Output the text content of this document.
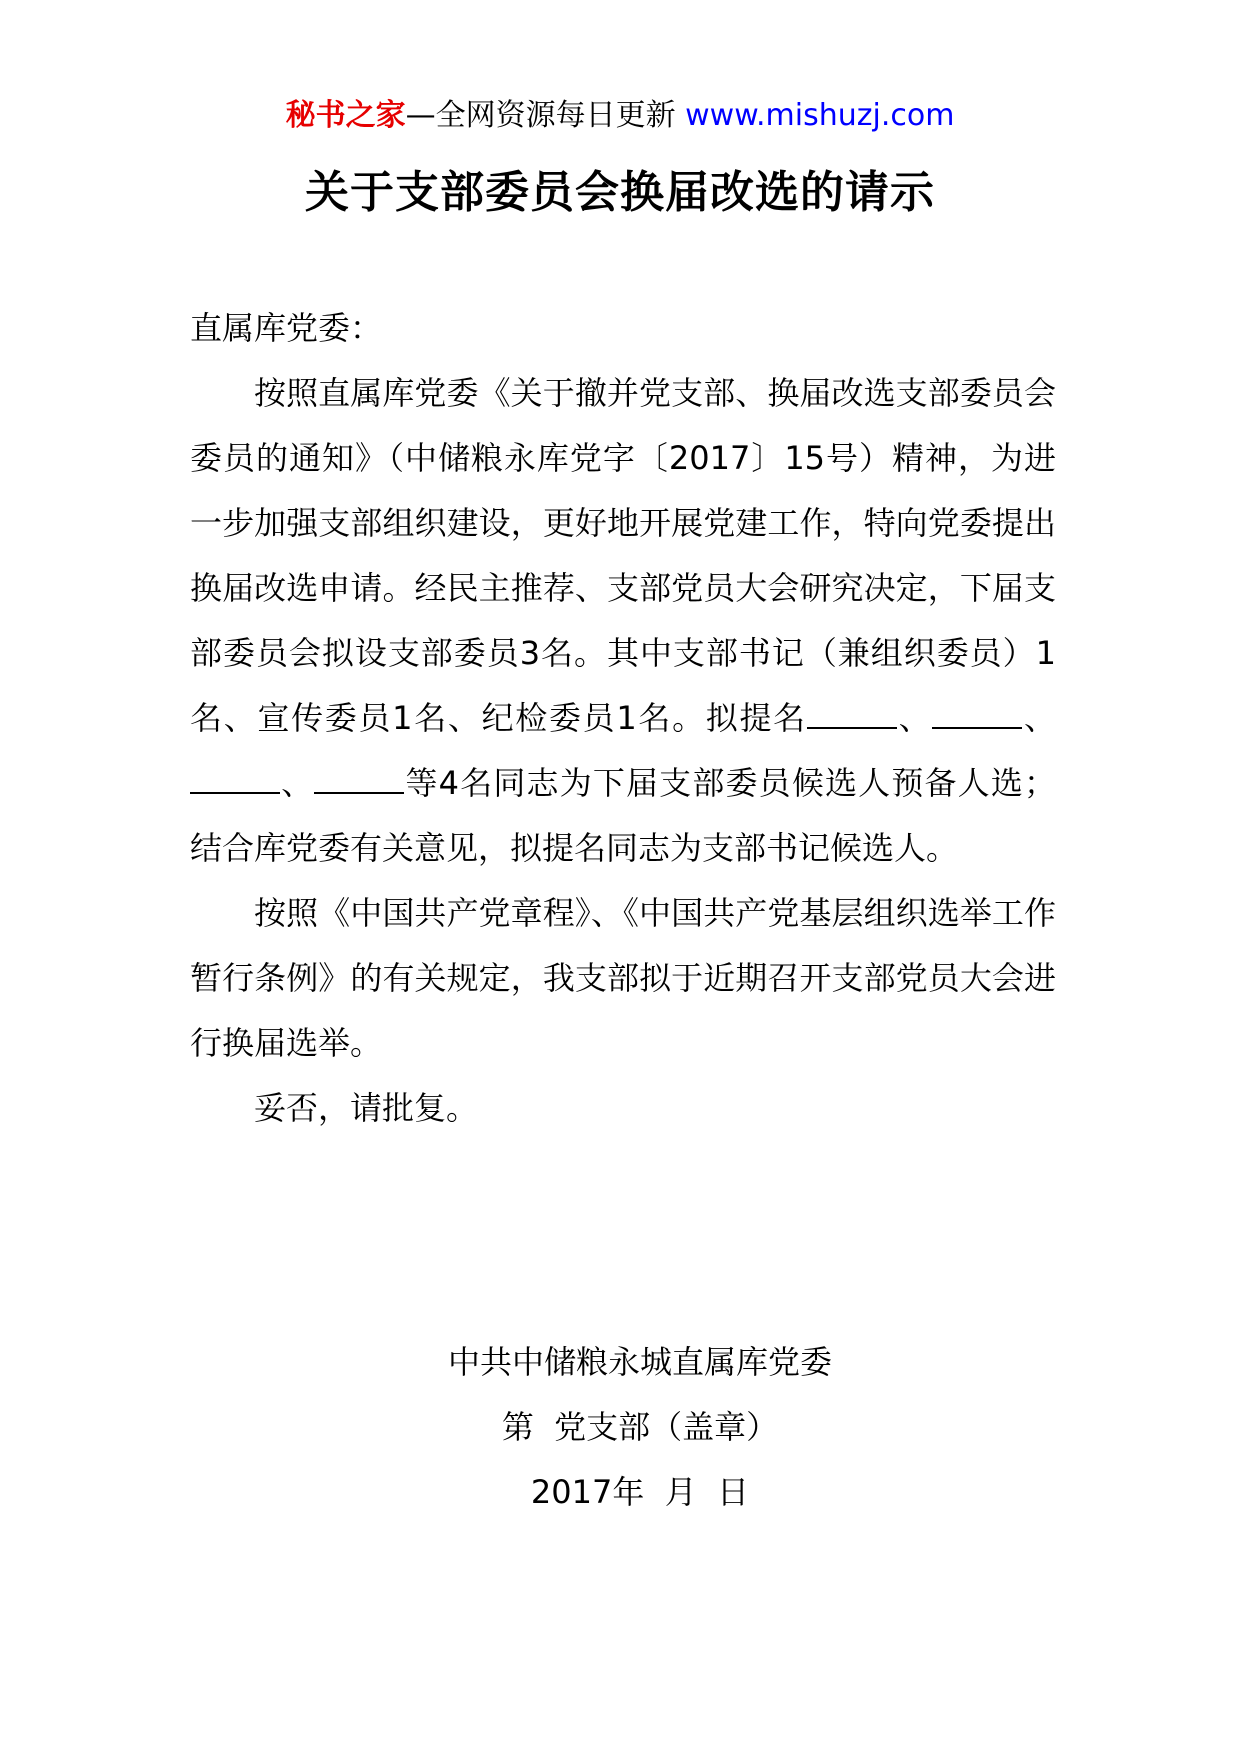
秘书之家—全网资源每日更新 www.mishuzj.com
关于支部委员会换届改选的请示

直属库党委：

按照直属库党委《关于撤并党支部、换届改选支部委员会委员的通知》（中储粮永库党字〔2017〕15号）精神，为进一步加强支部组织建设，更好地开展党建工作，特向党委提出换届改选申请。经民主推荐、支部党员大会研究决定，下届支部委员会拟设支部委员3名。其中支部书记（兼组织委员）1名、宣传委员1名、纪检委员1名。拟提名	、	、、	等4名同志为下届支部委员候选人预备人选；结合库党委有关意见，拟提名同志为支部书记候选人。

按照《中国共产党章程》、《中国共产党基层组织选举工作暂行条例》的有关规定，我支部拟于近期召开支部党员大会进行换届选举。

妥否，请批复。

中共中储粮永城直属库党委
第  党支部（盖章）
2017年  月  日
